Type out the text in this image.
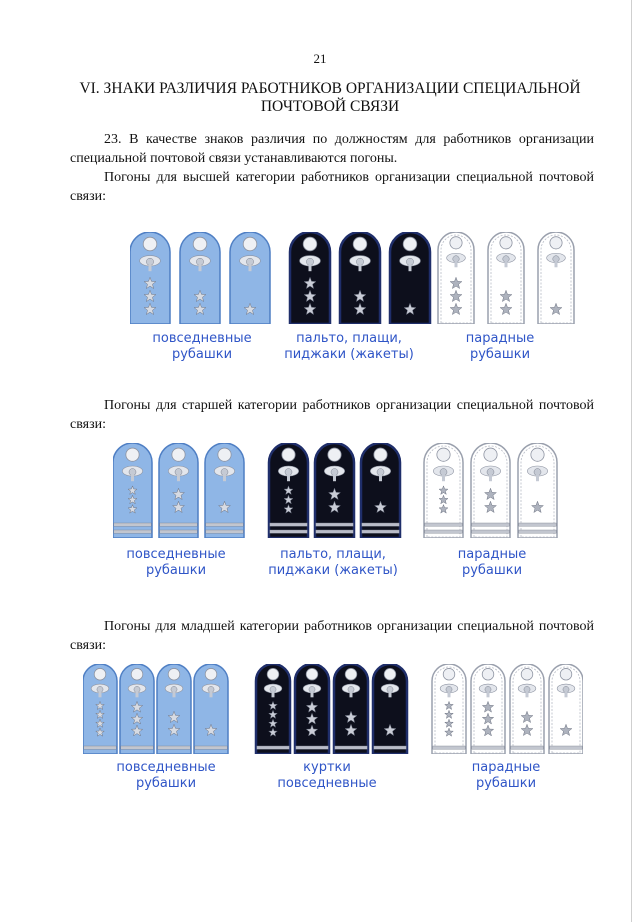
21
VI. ЗНАКИ РАЗЛИЧИЯ РАБОТНИКОВ ОРГАНИЗАЦИИ СПЕЦИАЛЬНОЙ
ПОЧТОВОЙ СВЯЗИ
23. В качестве знаков различия по должностям для работников организации специальной почтовой связи устанавливаются погоны.
Погоны для высшей категории работников организации специальной почтовой связи:
повседневные
рубашки
пальто, плащи,
пиджаки (жакеты)
парадные
рубашки
Погоны для старшей категории работников организации специальной почтовой связи:
повседневные
рубашки
пальто, плащи,
пиджаки (жакеты)
парадные
рубашки
Погоны для младшей категории работников организации специальной почтовой связи:
повседневные
рубашки
куртки
повседневные
парадные
рубашки
